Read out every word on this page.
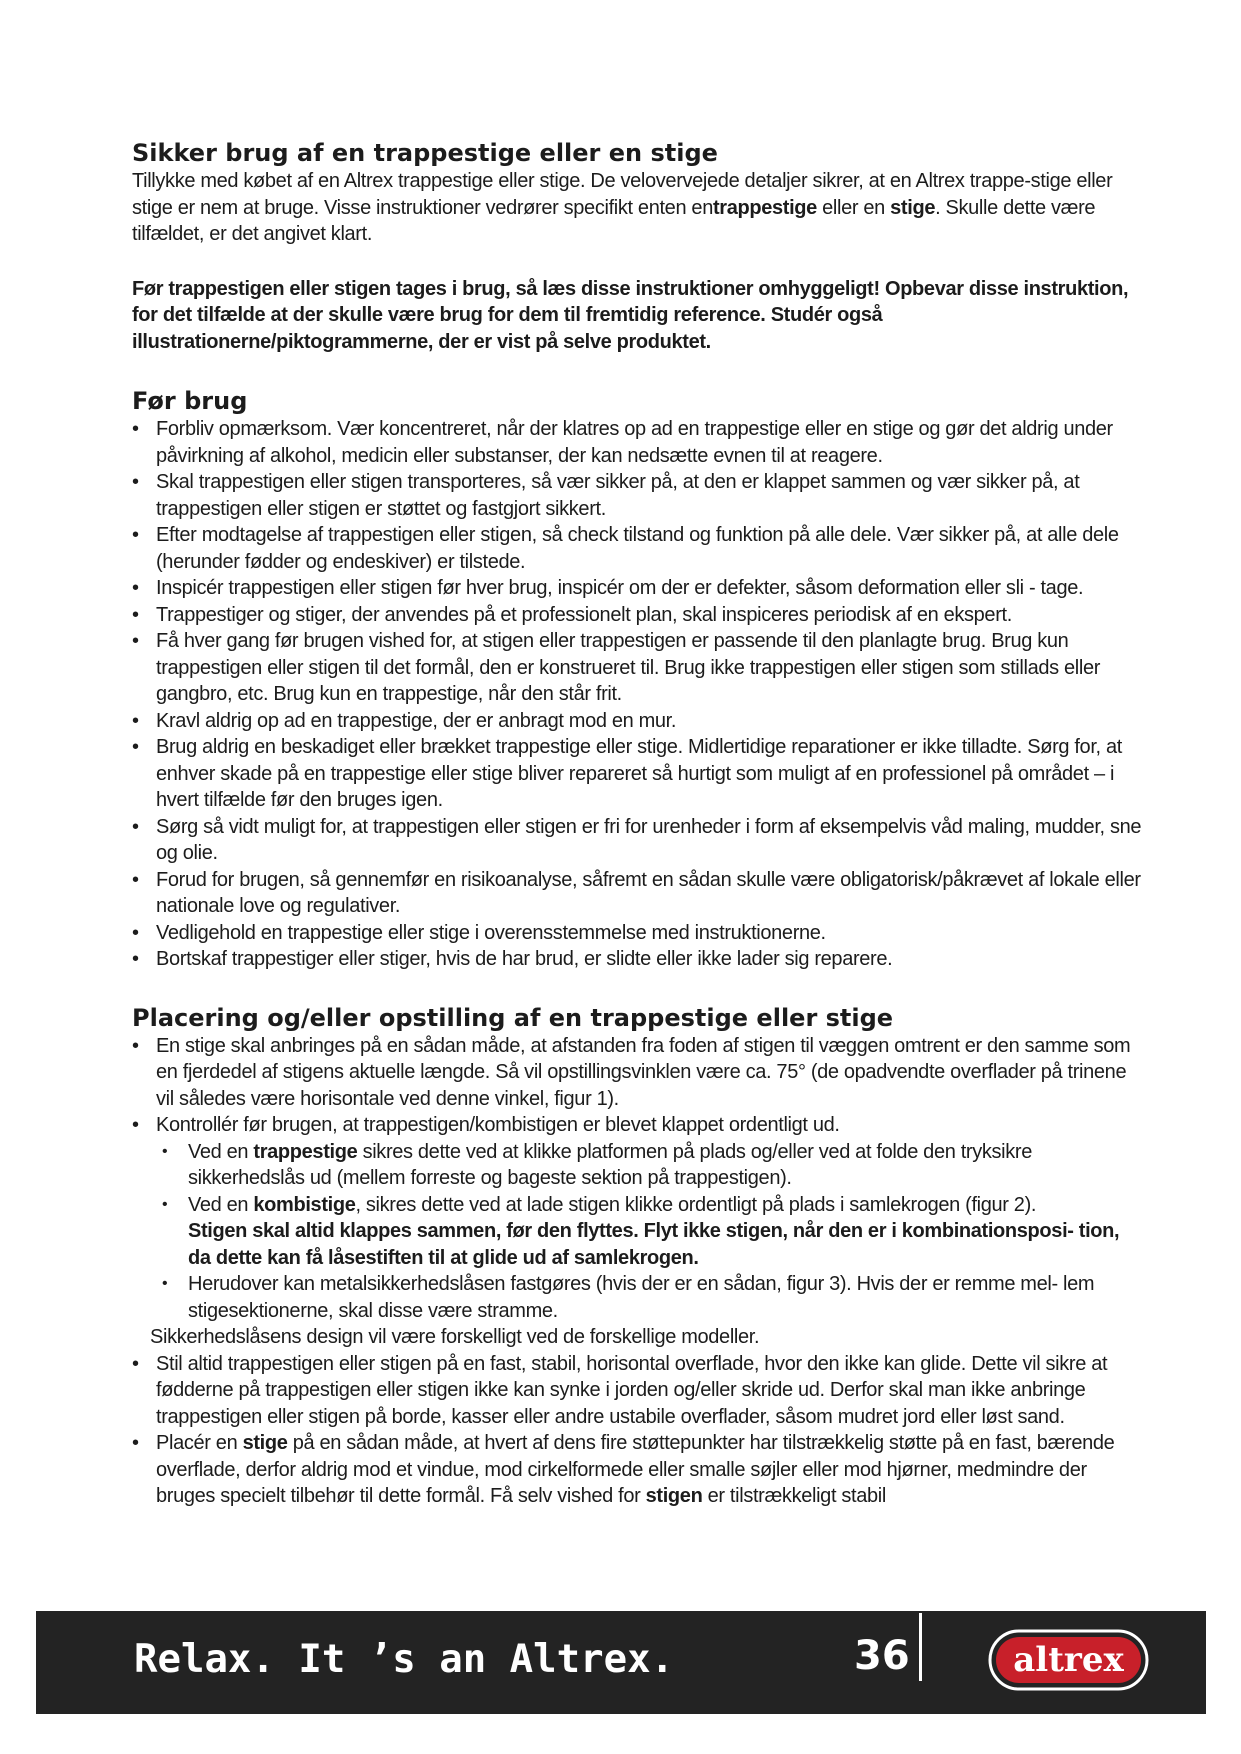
Sikker brug af en trappestige eller en stige

Tillykke med købet af en Altrex trappestige eller stige. De velovervejede detaljer sikrer, at en Altrex trappe-stige eller stige er nem at bruge. Visse instruktioner vedrører specifikt enten entrappestige eller en stige. Skulle dette være tilfældet, er det angivet klart.

Før trappestigen eller stigen tages i brug, så læs disse instruktioner omhyggeligt! Opbevar disse instruktion, for det tilfælde at der skulle være brug for dem til fremtidig reference. Studér også illustrationerne/piktogrammerne, der er vist på selve produktet.

Før brug
• Forbliv opmærksom. Vær koncentreret, når der klatres op ad en trappestige eller en stige og gør det aldrig under påvirkning af alkohol, medicin eller substanser, der kan nedsætte evnen til at reagere.
• Skal trappestigen eller stigen transporteres, så vær sikker på, at den er klappet sammen og vær sikker på, at trappestigen eller stigen er støttet og fastgjort sikkert.
• Efter modtagelse af trappestigen eller stigen, så check tilstand og funktion på alle dele. Vær sikker på, at alle dele (herunder fødder og endeskiver) er tilstede.
• Inspicér trappestigen eller stigen før hver brug, inspicér om der er defekter, såsom deformation eller sli - tage.
• Trappestiger og stiger, der anvendes på et professionelt plan, skal inspiceres periodisk af en ekspert.
• Få hver gang før brugen vished for, at stigen eller trappestigen er passende til den planlagte brug. Brug kun trappestigen eller stigen til det formål, den er konstrueret til. Brug ikke trappestigen eller stigen som stillads eller gangbro, etc. Brug kun en trappestige, når den står frit.
• Kravl aldrig op ad en trappestige, der er anbragt mod en mur.
• Brug aldrig en beskadiget eller brækket trappestige eller stige. Midlertidige reparationer er ikke tilladte. Sørg for, at enhver skade på en trappestige eller stige bliver repareret så hurtigt som muligt af en professionel på området – i hvert tilfælde før den bruges igen.
• Sørg så vidt muligt for, at trappestigen eller stigen er fri for urenheder i form af eksempelvis våd maling, mudder, sne og olie.
• Forud for brugen, så gennemfør en risikoanalyse, såfremt en sådan skulle være obligatorisk/påkrævet af lokale eller nationale love og regulativer.
• Vedligehold en trappestige eller stige i overensstemmelse med instruktionerne.
• Bortskaf trappestiger eller stiger, hvis de har brud, er slidte eller ikke lader sig reparere.
Placering og/eller opstilling af en trappestige eller stige
• En stige skal anbringes på en sådan måde, at afstanden fra foden af stigen til væggen omtrent er den samme som en fjerdedel af stigens aktuelle længde. Så vil opstillingsvinklen være ca. 75° (de opadvendte overflader på trinene vil således være horisontale ved denne vinkel, figur 1).
• Kontrollér før brugen, at trappestigen/kombistigen er blevet klappet ordentligt ud.
• Ved en trappestige sikres dette ved at klikke platformen på plads og/eller ved at folde den tryksikre sikkerhedslås ud (mellem forreste og bageste sektion på trappestigen).
• Ved en kombistige, sikres dette ved at lade stigen klikke ordentligt på plads i samlekrogen (figur 2).
Stigen skal altid klappes sammen, før den flyttes. Flyt ikke stigen, når den er i kombinationsposi- tion, da dette kan få låsestiften til at glide ud af samlekrogen.
• Herudover kan metalsikkerhedslåsen fastgøres (hvis der er en sådan, figur 3). Hvis der er remme mel- lem stigesektionerne, skal disse være stramme.

Sikkerhedslåsens design vil være forskelligt ved de forskellige modeller.

• Stil altid trappestigen eller stigen på en fast, stabil, horisontal overflade, hvor den ikke kan glide. Dette vil sikre at fødderne på trappestigen eller stigen ikke kan synke i jorden og/eller skride ud. Derfor skal man ikke anbringe trappestigen eller stigen på borde, kasser eller andre ustabile overflader, såsom mudret jord eller løst sand.
• Placér en stige på en sådan måde, at hvert af dens fire støttepunkter har tilstrækkelig støtte på en fast, bærende overflade, derfor aldrig mod et vindue, mod cirkelformede eller smalle søjler eller mod hjørner, medmindre der bruges specielt tilbehør til dette formål. Få selv vished for stigen er tilstrækkeligt stabil
Relax. It ’s an Altrex.	36	altrex
